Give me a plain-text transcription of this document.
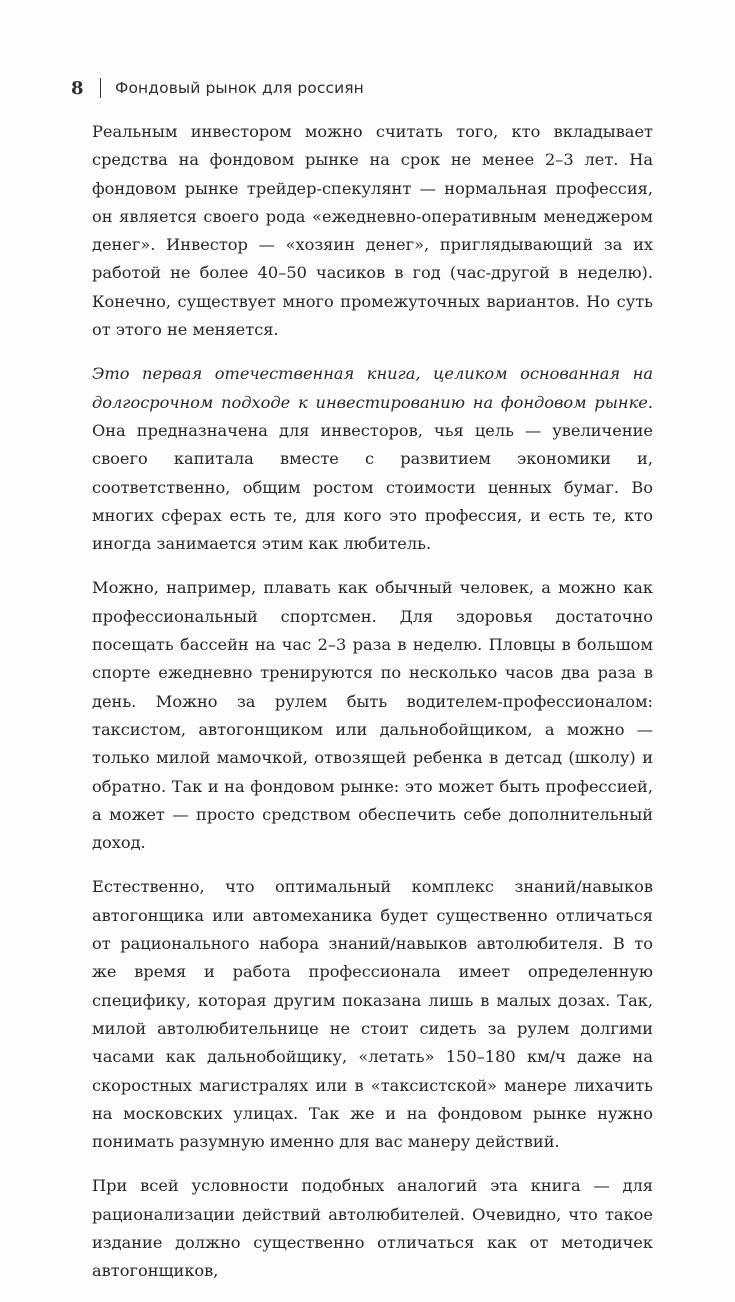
8 Фондовый рынок для россиян

Реальным инвестором можно считать того, кто вкладывает средства на фондовом рынке на срок не менее 2–3 лет. На фондовом рынке трейдер-спекулянт — нормальная профессия, он является своего рода «ежедневно-оперативным менеджером денег». Инвестор — «хозяин денег», приглядывающий за их работой не более 40–50 часиков в год (час-другой в неделю). Конечно, существует много промежуточных вариантов. Но суть от этого не меняется.

Это первая отечественная книга, целиком основанная на долгосрочном подходе к инвестированию на фондовом рынке. Она предназначена для инвесторов, чья цель — увеличение своего капитала вместе с развитием экономики и, соответственно, общим ростом стоимости ценных бумаг. Во многих сферах есть те, для кого это профессия, и есть те, кто иногда занимается этим как любитель.

Можно, например, плавать как обычный человек, а можно как профессиональный спортсмен. Для здоровья достаточно посещать бассейн на час 2–3 раза в неделю. Пловцы в большом спорте ежедневно тренируются по несколько часов два раза в день. Можно за рулем быть водителем-профессионалом: таксистом, автогонщиком или дальнобойщиком, а можно — только милой мамочкой, отвозящей ребенка в детсад (школу) и обратно. Так и на фондовом рынке: это может быть профессией, а может — просто средством обеспечить себе дополнительный доход.

Естественно, что оптимальный комплекс знаний/навыков автогонщика или автомеханика будет существенно отличаться от рационального набора знаний/навыков автолюбителя. В то же время и работа профессионала имеет определенную специфику, которая другим показана лишь в малых дозах. Так, милой автолюбительнице не стоит сидеть за рулем долгими часами как дальнобойщику, «летать» 150–180 км/ч даже на скоростных магистралях или в «таксистской» манере лихачить на московских улицах. Так же и на фондовом рынке нужно понимать разумную именно для вас манеру действий.

При всей условности подобных аналогий эта книга — для рационализации действий автолюбителей. Очевидно, что такое издание должно существенно отличаться как от методичек автогонщиков,
